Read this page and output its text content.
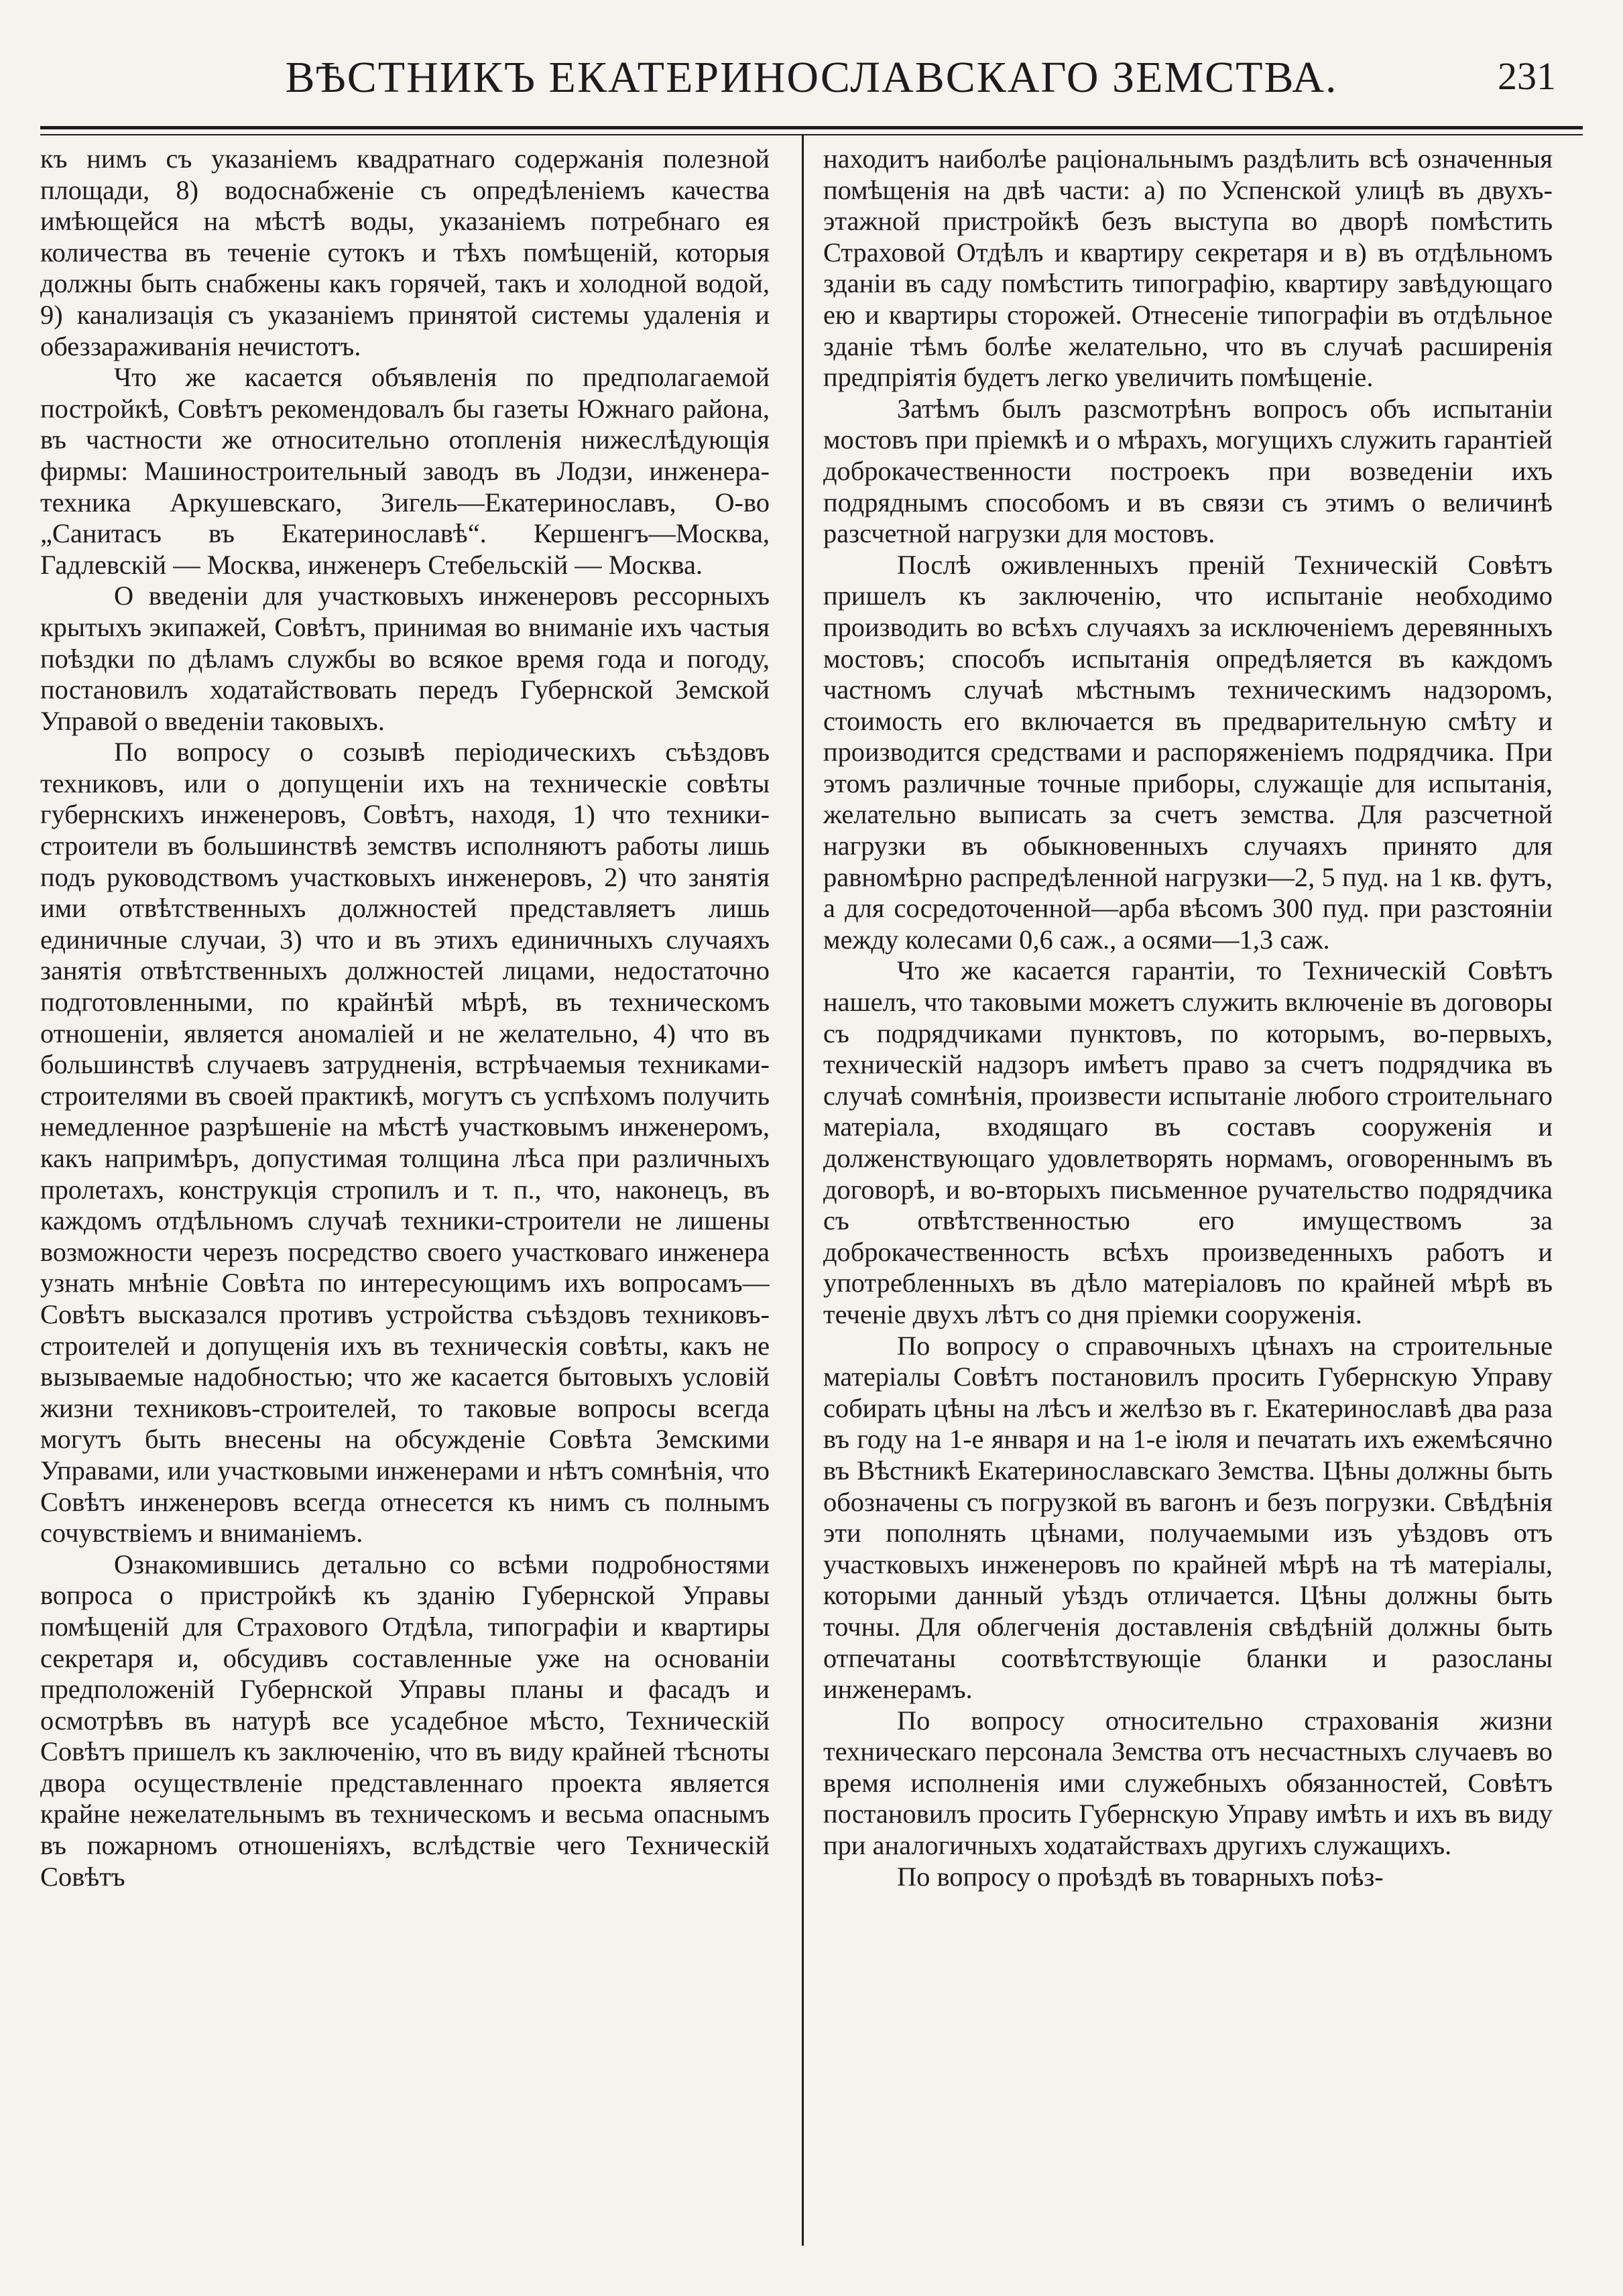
ВѢСТНИКЪ ЕКАТЕРИНОСЛАВСКАГО ЗЕМСТВА.	231

къ нимъ съ указаніемъ квадратнаго содержанія полезной площади, 8) водоснабженіе съ опредѣленіемъ качества имѣющейся на мѣстѣ воды, указаніемъ потребнаго ея количества въ теченіе сутокъ и тѣхъ помѣщеній, которыя должны быть снабжены какъ горячей, такъ и холодной водой, 9) канализація съ указаніемъ принятой системы удаленія и обеззараживанія нечистотъ.

Что же касается объявленія по предполагаемой постройкѣ, Совѣтъ рекомендовалъ бы газеты Южнаго района, въ частности же относительно отопленія нижеслѣдующія фирмы: Машиностроительный заводъ въ Лодзи, инженера-техника Аркушевскаго, Зигель—Екатеринославъ, О-во „Санитасъ въ Екатеринославѣ“. Кершенгъ—Москва, Гадлевскій — Москва, инженеръ Стебельскій — Москва.

О введеніи для участковыхъ инженеровъ рессорныхъ крытыхъ экипажей, Совѣтъ, принимая во вниманіе ихъ частыя поѣздки по дѣламъ службы во всякое время года и погоду, постановилъ ходатайствовать передъ Губернской Земской Управой о введеніи таковыхъ.

По вопросу о созывѣ періодическихъ съѣздовъ техниковъ, или о допущеніи ихъ на техническіе совѣты губернскихъ инженеровъ, Совѣтъ, находя, 1) что техники-строители въ большинствѣ земствъ исполняютъ работы лишь подъ руководствомъ участковыхъ инженеровъ, 2) что занятія ими отвѣтственныхъ должностей представляетъ лишь единичные случаи, 3) что и въ этихъ единичныхъ случаяхъ занятія отвѣтственныхъ должностей лицами, недостаточно подготовленными, по крайнѣй мѣрѣ, въ техническомъ отношеніи, является аномаліей и не желательно, 4) что въ большинствѣ случаевъ затрудненія, встрѣчаемыя техниками-строителями въ своей практикѣ, могутъ съ успѣхомъ получить немедленное разрѣшеніе на мѣстѣ участковымъ инженеромъ, какъ напримѣръ, допустимая толщина лѣса при различныхъ пролетахъ, конструкція стропилъ и т. п., что, наконецъ, въ каждомъ отдѣльномъ случаѣ техники-строители не лишены возможности черезъ посредство своего участковаго инженера узнать мнѣніе Совѣта по интересующимъ ихъ вопросамъ—Совѣтъ высказался противъ устройства съѣздовъ техниковъ-строителей и допущенія ихъ въ техническія совѣты, какъ не вызываемые надобностью; что же касается бытовыхъ условій жизни техниковъ-строителей, то таковые вопросы всегда могутъ быть внесены на обсужденіе Совѣта Земскими Управами, или участковыми инженерами и нѣтъ сомнѣнія, что Совѣтъ инженеровъ всегда отнесется къ нимъ съ полнымъ сочувствіемъ и вниманіемъ.

Ознакомившись детально со всѣми подробностями вопроса о пристройкѣ къ зданію Губернской Управы помѣщеній для Страхового Отдѣла, типографіи и квартиры секретаря и, обсудивъ составленные уже на основаніи предположеній Губернской Управы планы и фасадъ и осмотрѣвъ въ натурѣ все усадебное мѣсто, Техническій Совѣтъ пришелъ къ заключенію, что въ виду крайней тѣсноты двора осуществленіе представленнаго проекта является крайне нежелательнымъ въ техническомъ и весьма опаснымъ въ пожарномъ отношеніяхъ, вслѣдствіе чего Техническій Совѣтъ

находитъ наиболѣе раціональнымъ раздѣлить всѣ означенныя помѣщенія на двѣ части: а) по Успенской улицѣ въ двухъ-этажной пристройкѣ безъ выступа во дворѣ помѣстить Страховой Отдѣлъ и квартиру секретаря и в) въ отдѣльномъ зданіи въ саду помѣстить типографію, квартиру завѣдующаго ею и квартиры сторожей. Отнесеніе типографіи въ отдѣльное зданіе тѣмъ болѣе желательно, что въ случаѣ расширенія предпріятія будетъ легко увеличить помѣщеніе.

Затѣмъ былъ разсмотрѣнъ вопросъ объ испытаніи мостовъ при пріемкѣ и о мѣрахъ, могущихъ служить гарантіей доброкачественности построекъ при возведеніи ихъ подряднымъ способомъ и въ связи съ этимъ о величинѣ разсчетной нагрузки для мостовъ.

Послѣ оживленныхъ преній Техническій Совѣтъ пришелъ къ заключенію, что испытаніе необходимо производить во всѣхъ случаяхъ за исключеніемъ деревянныхъ мостовъ; способъ испытанія опредѣляется въ каждомъ частномъ случаѣ мѣстнымъ техническимъ надзоромъ, стоимость его включается въ предварительную смѣту и производится средствами и распоряженіемъ подрядчика. При этомъ различные точные приборы, служащіе для испытанія, желательно выписать за счетъ земства. Для разсчетной нагрузки въ обыкновенныхъ случаяхъ принято для равномѣрно распредѣленной нагрузки—2, 5 пуд. на 1 кв. футъ, а для сосредоточенной—арба вѣсомъ 300 пуд. при разстояніи между колесами 0,6 саж., а осями—1,3 саж.

Что же касается гарантіи, то Техническій Совѣтъ нашелъ, что таковыми можетъ служить включеніе въ договоры съ подрядчиками пунктовъ, по которымъ, во-первыхъ, техническій надзоръ имѣетъ право за счетъ подрядчика въ случаѣ сомнѣнія, произвести испытаніе любого строительнаго матеріала, входящаго въ составъ сооруженія и долженствующаго удовлетворять нормамъ, оговореннымъ въ договорѣ, и во-вторыхъ письменное ручательство подрядчика съ отвѣтственностью его имуществомъ за доброкачественность всѣхъ произведенныхъ работъ и употребленныхъ въ дѣло матеріаловъ по крайней мѣрѣ въ теченіе двухъ лѣтъ со дня пріемки сооруженія.

По вопросу о справочныхъ цѣнахъ на строительные матеріалы Совѣтъ постановилъ просить Губернскую Управу собирать цѣны на лѣсъ и желѣзо въ г. Екатеринославѣ два раза въ году на 1-е января и на 1-е іюля и печатать ихъ ежемѣсячно въ Вѣстникѣ Екатеринославскаго Земства. Цѣны должны быть обозначены съ погрузкой въ вагонъ и безъ погрузки. Свѣдѣнія эти пополнять цѣнами, получаемыми изъ уѣздовъ отъ участковыхъ инженеровъ по крайней мѣрѣ на тѣ матеріалы, которыми данный уѣздъ отличается. Цѣны должны быть точны. Для облегченія доставленія свѣдѣній должны быть отпечатаны соотвѣтствующіе бланки и разосланы инженерамъ.

По вопросу относительно страхованія жизни техническаго персонала Земства отъ несчастныхъ случаевъ во время исполненія ими служебныхъ обязанностей, Совѣтъ постановилъ просить Губернскую Управу имѣть и ихъ въ виду при аналогичныхъ ходатайствахъ другихъ служащихъ.

По вопросу о проѣздѣ въ товарныхъ поѣз-
